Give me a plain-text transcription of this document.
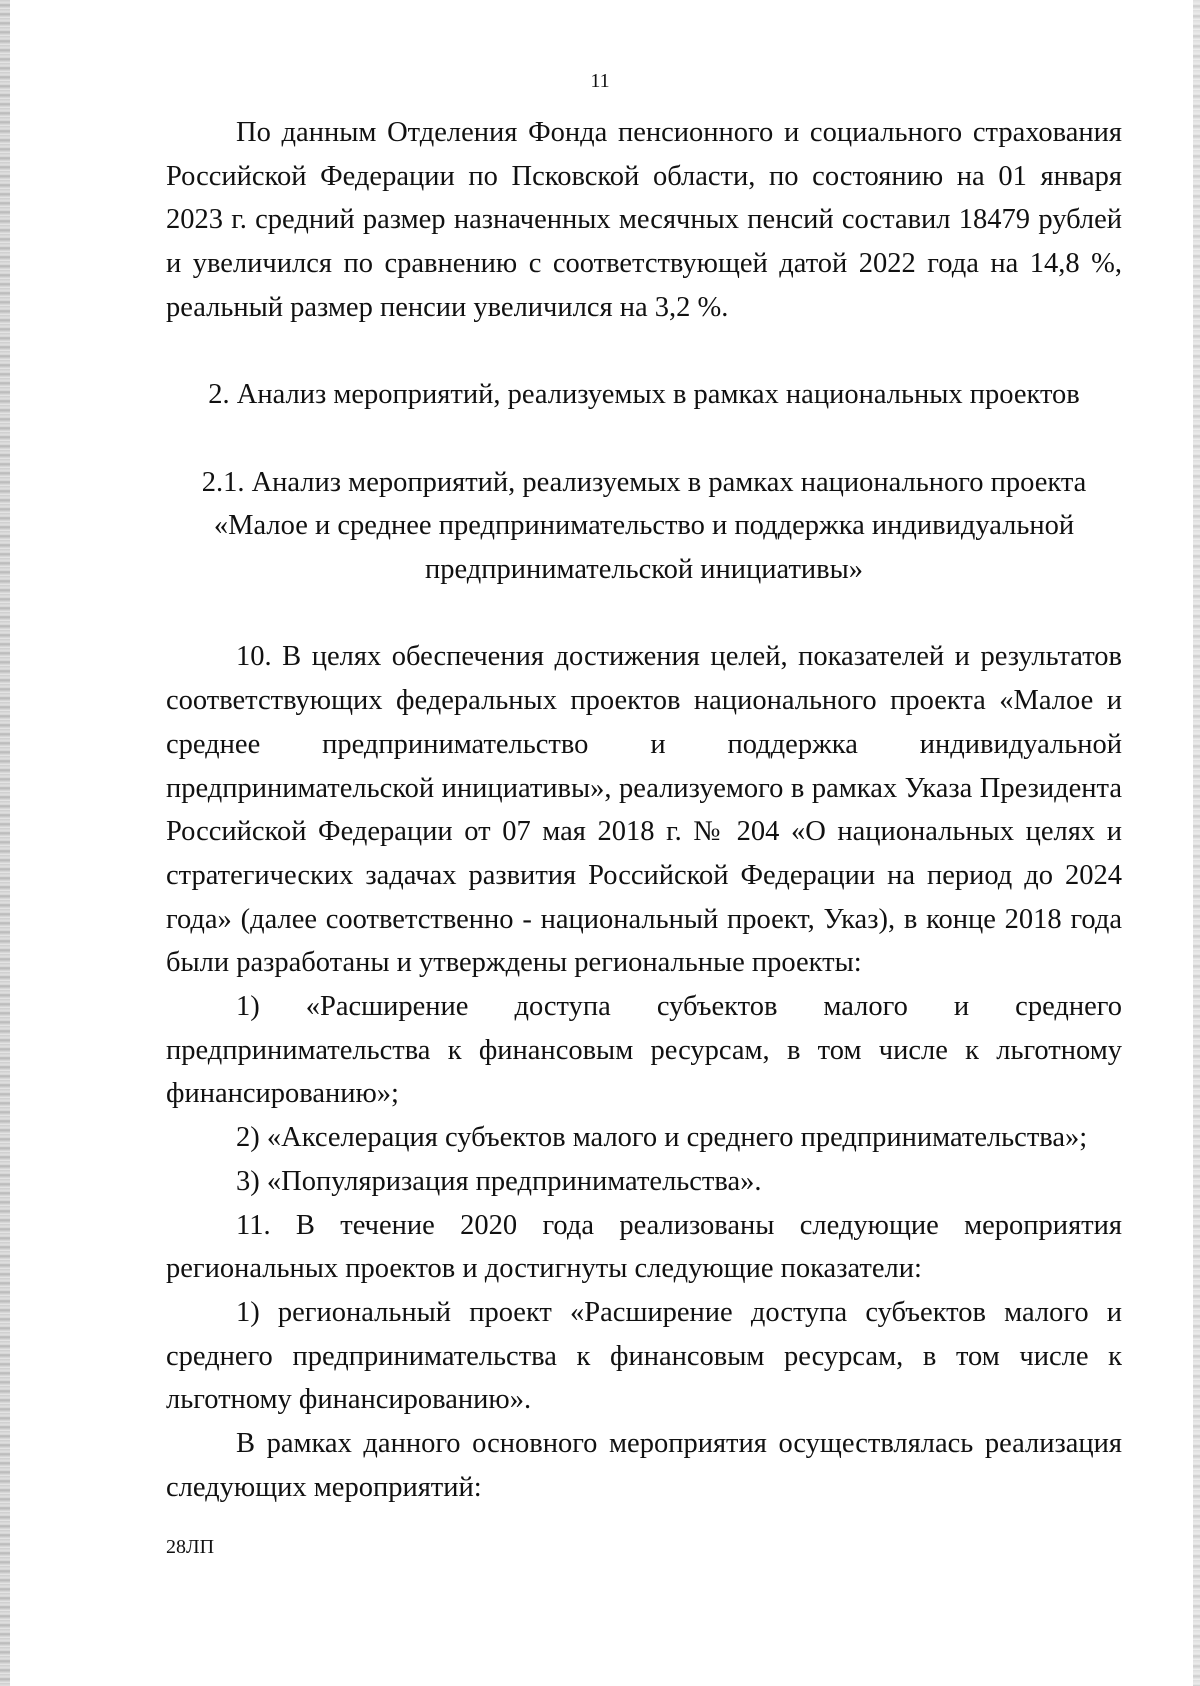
11

По данным Отделения Фонда пенсионного и социального страхования Российской Федерации по Псковской области, по состоянию на 01 января 2023 г. средний размер назначенных месячных пенсий составил 18479 рублей и увеличился по сравнению с соответствующей датой 2022 года на 14,8 %, реальный размер пенсии увеличился на 3,2 %.

2. Анализ мероприятий, реализуемых в рамках национальных проектов

2.1. Анализ мероприятий, реализуемых в рамках национального проекта

«Малое и среднее предпринимательство и поддержка индивидуальной

предпринимательской инициативы»

10. В целях обеспечения достижения целей, показателей и результатов соответствующих федеральных проектов национального проекта «Малое и среднее предпринимательство и поддержка индивидуальной предпринимательской инициативы», реализуемого в рамках Указа Президента Российской Федерации от 07 мая 2018 г. № 204 «О национальных целях и стратегических задачах развития Российской Федерации на период до 2024 года» (далее соответственно - национальный проект, Указ), в конце 2018 года были разработаны и утверждены региональные проекты:

1) «Расширение доступа субъектов малого и среднего предпринимательства к финансовым ресурсам, в том числе к льготному финансированию»;

2) «Акселерация субъектов малого и среднего предпринимательства»;

3) «Популяризация предпринимательства».

11. В течение 2020 года реализованы следующие мероприятия региональных проектов и достигнуты следующие показатели:

1) региональный проект «Расширение доступа субъектов малого и среднего предпринимательства к финансовым ресурсам, в том числе к льготному финансированию».

В рамках данного основного мероприятия осуществлялась реализация следующих мероприятий:

28ЛП
